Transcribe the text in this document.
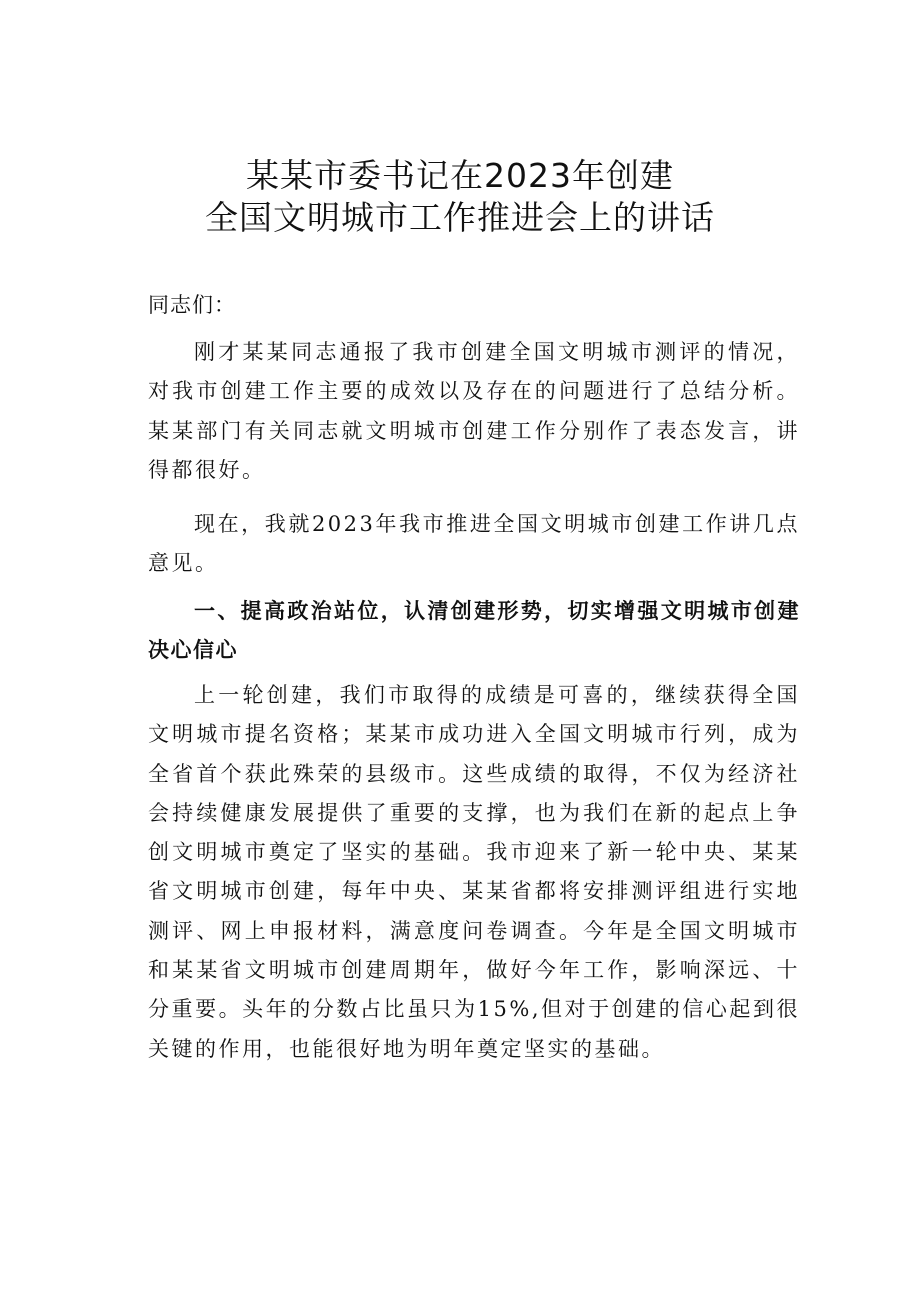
某某市委书记在2023年创建
全国文明城市工作推进会上的讲话
同志们：
刚才某某同志通报了我市创建全国文明城市测评的情况，对我市创建工作主要的成效以及存在的问题进行了总结分析。某某部门有关同志就文明城市创建工作分别作了表态发言，讲得都很好。
现在，我就2023年我市推进全国文明城市创建工作讲几点意见。
一、提高政治站位，认清创建形势，切实增强文明城市创建决心信心
上一轮创建，我们市取得的成绩是可喜的，继续获得全国文明城市提名资格；某某市成功进入全国文明城市行列，成为全省首个获此殊荣的县级市。这些成绩的取得，不仅为经济社会持续健康发展提供了重要的支撑，也为我们在新的起点上争创文明城市奠定了坚实的基础。我市迎来了新一轮中央、某某省文明城市创建，每年中央、某某省都将安排测评组进行实地测评、网上申报材料，满意度问卷调查。今年是全国文明城市和某某省文明城市创建周期年，做好今年工作，影响深远、十分重要。头年的分数占比虽只为15%,但对于创建的信心起到很关键的作用，也能很好地为明年奠定坚实的基础。
